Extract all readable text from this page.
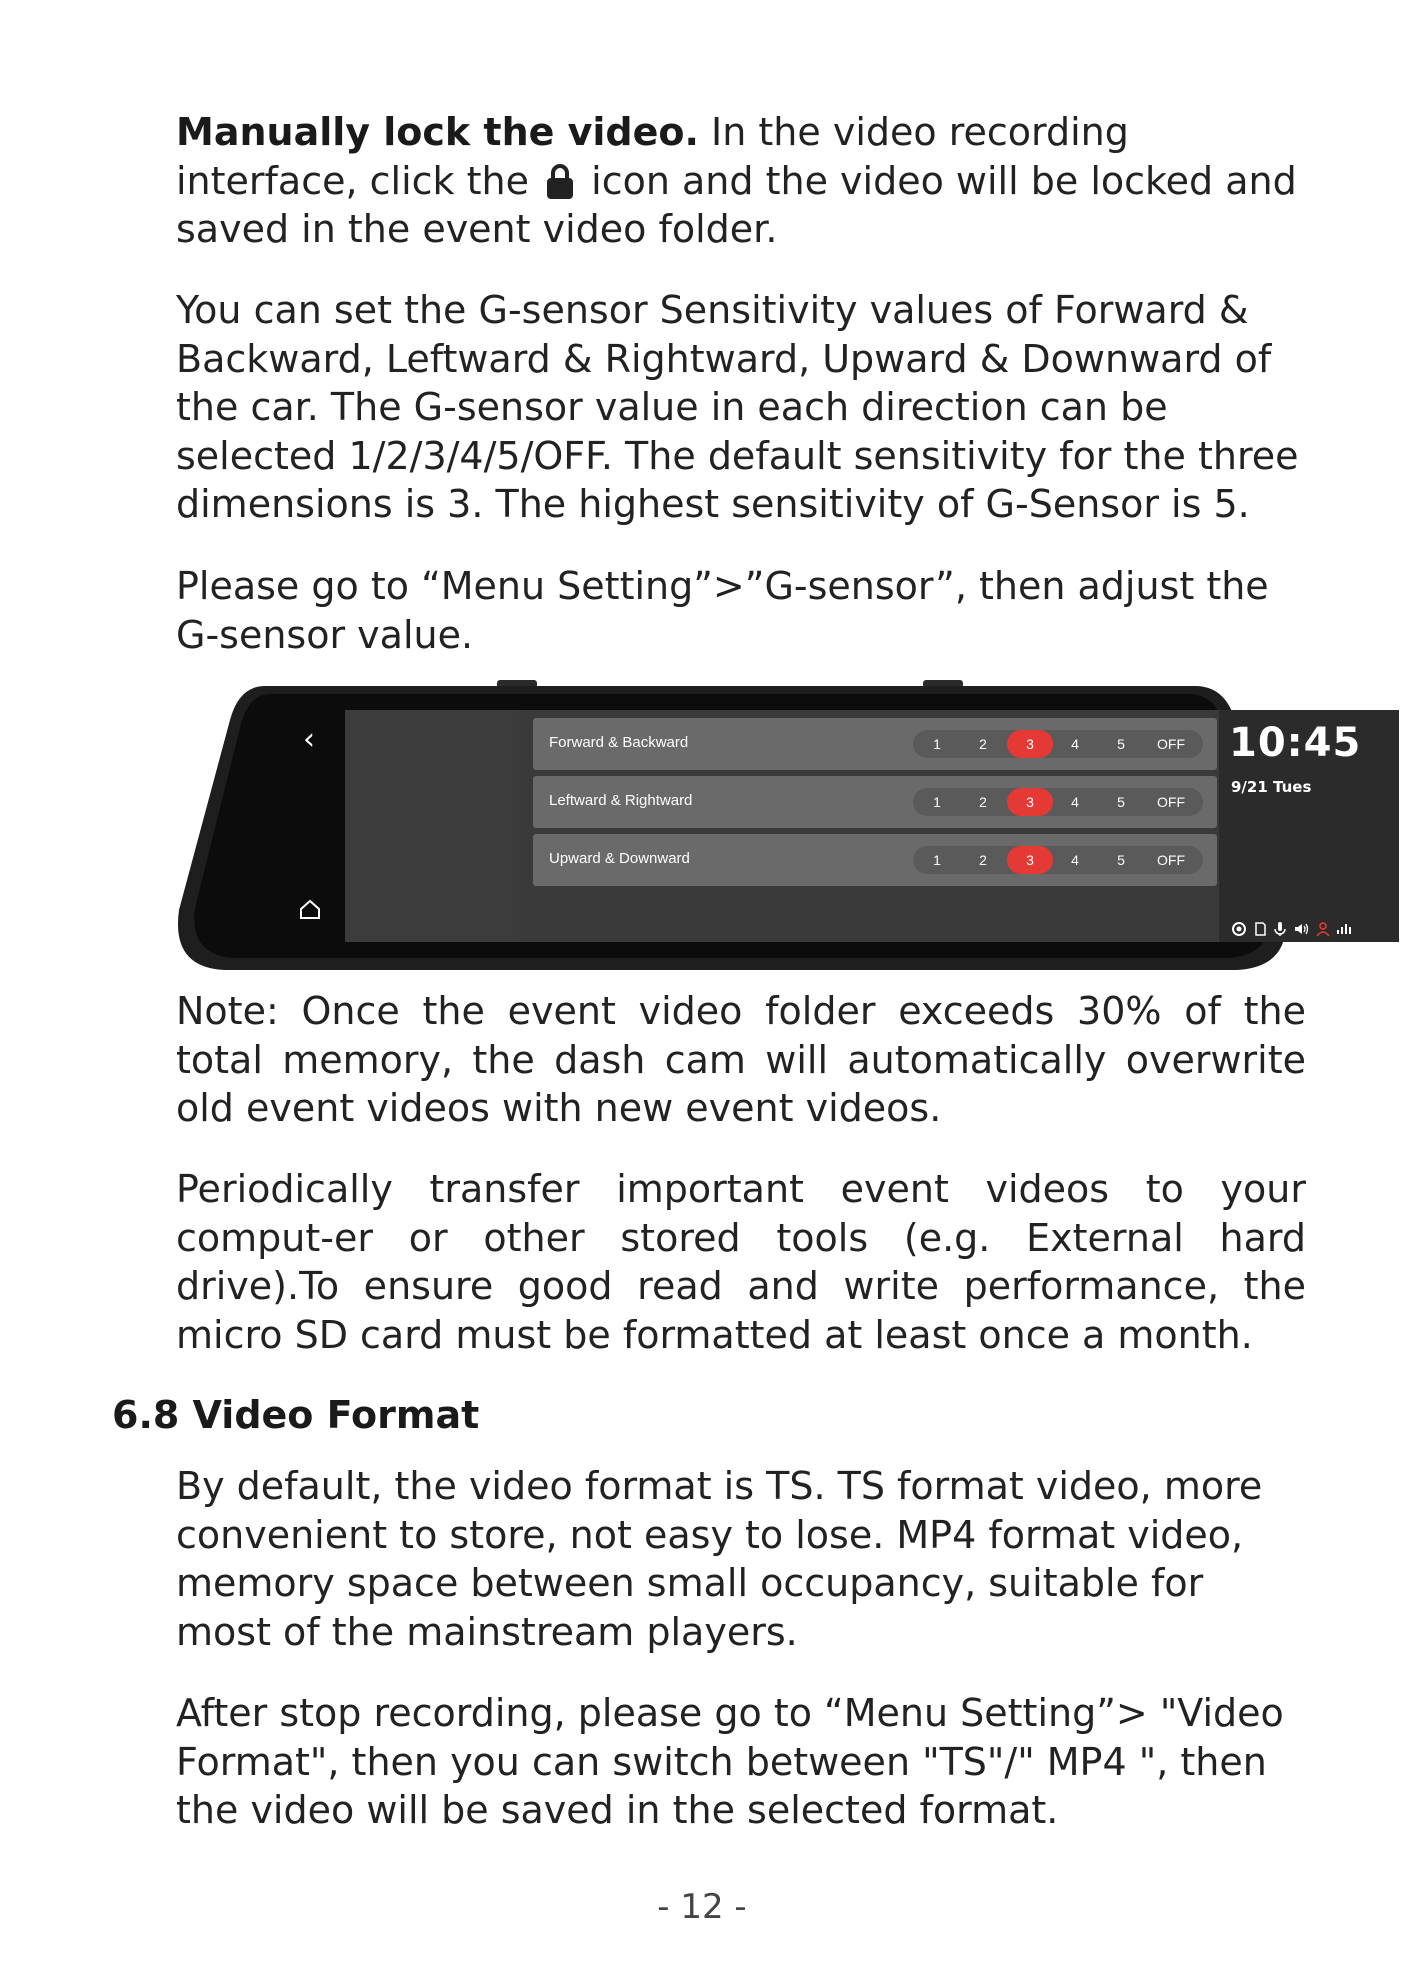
Manually lock the video. In the video recording interface, click the  icon and the video will be locked and saved in the event video folder.

You can set the G-sensor Sensitivity values of Forward & Backward, Leftward & Rightward, Upward & Downward of the car. The G-sensor value in each direction can be selected 1/2/3/4/5/OFF. The default sensitivity for the three dimensions is 3. The highest sensitivity of G-Sensor is 5.

Please go to “Menu Setting”>”G-sensor”, then adjust the G-sensor value.

‹	Forward & Backward	1	2	3	4	5	OFF
Leftward & Rightward	1	2	3	4	5	OFF
Upward & Downward	1	2	3	4	5	OFF
10:45
9/21 Tues

Note: Once the event video folder exceeds 30% of the total memory, the dash cam will automatically overwrite old event videos with new event videos.

Periodically transfer important event videos to your comput-er or other stored tools (e.g. External hard drive).To ensure good read and write performance, the micro SD card must be formatted at least once a month.

6.8 Video Format

By default, the video format is TS. TS format video, more convenient to store, not easy to lose. MP4 format video, memory space between small occupancy, suitable for most of the mainstream players.

After stop recording, please go to “Menu Setting”> "Video Format", then you can switch between "TS"/" MP4 ", then the video will be saved in the selected format.

- 12 -
